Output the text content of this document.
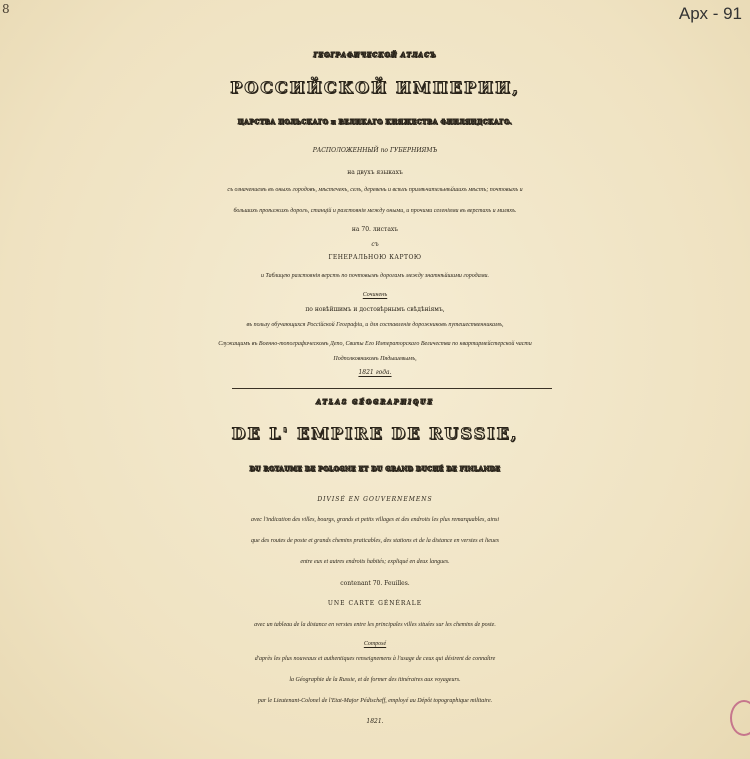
8	Арх - 91
ГЕОГРАФИЧЕСКОЙ АТЛАСЪ
РОССИЙСКОЙ ИМПЕРИИ,
ЦАРСТВА ПОЛЬСКАГО и ВЕЛИКАГО КНЯЖЕСТВА ФИНЛЯНДСКАГО.
РАСПОЛОЖЕННЫЙ по ГУБЕРНИЯМЪ
на двухъ языкахъ
съ означениемъ въ оныхъ городовъ, мѣстечекъ, селъ, деревень и всѣхъ примѣчательнѣйшихъ мѣстъ; почтовыхъ и
большихъ проѣзжихъ дорогъ, станцій и разстоянія между оными, и прочими селеніями въ верстахъ и миляхъ.
на 70. листахъ
съ
ГЕНЕРАЛЬНОЮ КАРТОЮ
и Таблицею разстоянія верстъ по почтовымъ дорогамъ между знатнѣйшими городами.
Сочиненъ
по новѣйшимъ и достовѣрнымъ свѣдѣніямъ,
въ пользу обучающихся Россійской Географіи, и для составленія дорожниковъ путешественникамъ,
Служащимъ въ Военно-топографическомъ Депо, Свиты Его Императорскаго Величества по квартирмейстерской части
Подполковникомъ Пядышевымъ,
1821 года.
ATLAS GÉOGRAPHIQUE
DE L' EMPIRE DE RUSSIE,
DU ROYAUME DE POLOGNE ET DU GRAND DUCHÉ DE FINLANDE
DIVISÉ EN GOUVERNEMENS
avec l'indication des villes, bourgs, grands et petits villages et des endroits les plus remarquables, ainsi
que des routes de poste et grands chemins praticables, des stations et de la distance en verstes et lieues
entre eux et autres endroits habités; expliqué en deux langues.
contenant 70. Feuilles.
UNE CARTE GÉNÉRALE
avec un tableau de la distance en verstes entre les principales villes situées sur les chemins de poste.
Composé
d'après les plus nouveaux et authentiques renseignemens à l'usage de ceux qui désirent de connaître
la Géographie de la Russie, et de former des itinéraires aux voyageurs.
par le Lieutenant-Colonel de l'Etat-Major Pédischeff, employé au Dépôt topographique militaire.
1821.
